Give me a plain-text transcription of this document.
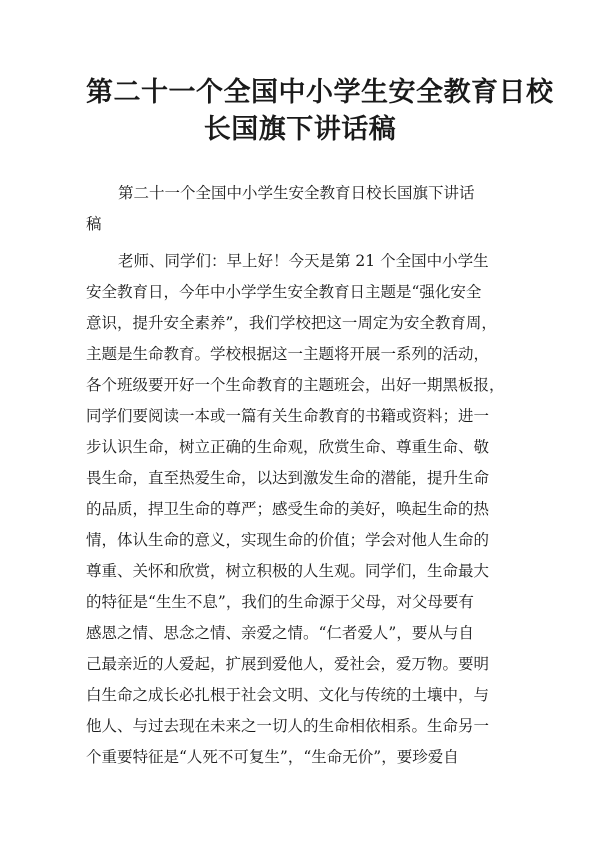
第二十一个全国中小学生安全教育日校
长国旗下讲话稿

第二十一个全国中小学生安全教育日校长国旗下讲话
稿

老师、同学们：早上好！今天是第 21 个全国中小学生
安全教育日，今年中小学学生安全教育日主题是“强化安全
意识，提升安全素养”，我们学校把这一周定为安全教育周，
主题是生命教育。学校根据这一主题将开展一系列的活动，
各个班级要开好一个生命教育的主题班会，出好一期黑板报，
同学们要阅读一本或一篇有关生命教育的书籍或资料；进一
步认识生命，树立正确的生命观，欣赏生命、尊重生命、敬
畏生命，直至热爱生命，以达到激发生命的潜能，提升生命
的品质，捍卫生命的尊严；感受生命的美好，唤起生命的热
情，体认生命的意义，实现生命的价值；学会对他人生命的
尊重、关怀和欣赏，树立积极的人生观。同学们，生命最大
的特征是“生生不息”，我们的生命源于父母，对父母要有
感恩之情、思念之情、亲爱之情。“仁者爱人”，要从与自
己最亲近的人爱起，扩展到爱他人，爱社会，爱万物。要明
白生命之成长必扎根于社会文明、文化与传统的土壤中，与
他人、与过去现在未来之一切人的生命相依相系。生命另一
个重要特征是“人死不可复生”，“生命无价”，要珍爱自
